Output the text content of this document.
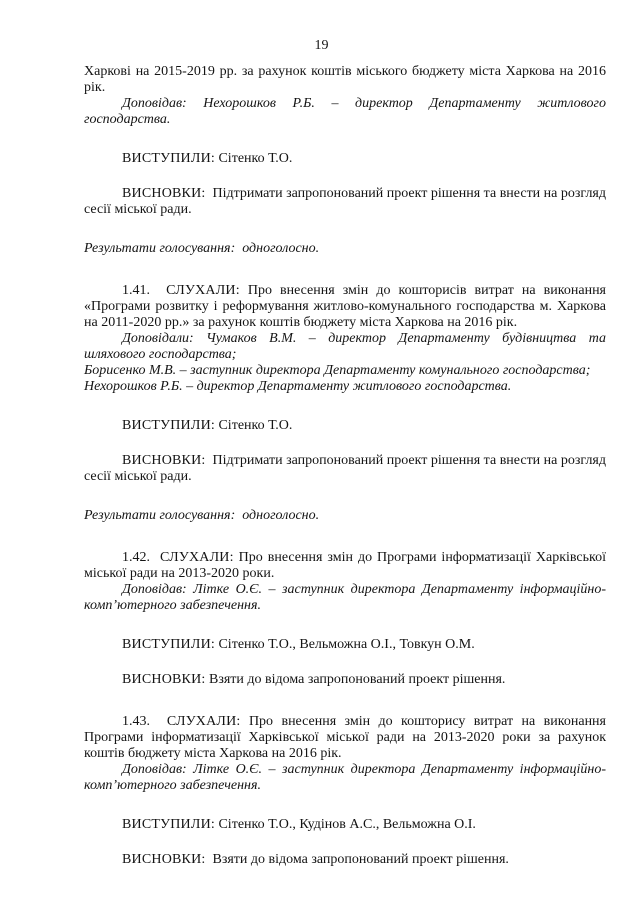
19

Харкові на 2015-2019 рр. за рахунок коштів міського бюджету міста Харкова на 2016 рік.

Доповідав: Нехорошков Р.Б. – директор Департаменту житлового господарства.

ВИСТУПИЛИ: Сітенко Т.О.

ВИСНОВКИ: Підтримати запропонований проект рішення та внести на розгляд сесії міської ради.

Результати голосування: одноголосно.

1.41. СЛУХАЛИ: Про внесення змін до кошторисів витрат на виконання «Програми розвитку і реформування житлово-комунального господарства м. Харкова на 2011-2020 рр.» за рахунок коштів бюджету міста Харкова на 2016 рік.

Доповідали: Чумаков В.М. – директор Департаменту будівництва та шляхового господарства;

Борисенко М.В. – заступник директора Департаменту комунального господарства;

Нехорошков Р.Б. – директор Департаменту житлового господарства.

ВИСТУПИЛИ: Сітенко Т.О.

ВИСНОВКИ: Підтримати запропонований проект рішення та внести на розгляд сесії міської ради.

Результати голосування: одноголосно.

1.42. СЛУХАЛИ: Про внесення змін до Програми інформатизації Харківської міської ради на 2013-2020 роки.

Доповідав: Літке О.Є. – заступник директора Департаменту інформаційно-комп’ютерного забезпечення.

ВИСТУПИЛИ: Сітенко Т.О., Вельможна О.І., Товкун О.М.

ВИСНОВКИ: Взяти до відома запропонований проект рішення.

1.43. СЛУХАЛИ: Про внесення змін до кошторису витрат на виконання Програми інформатизації Харківської міської ради на 2013-2020 роки за рахунок коштів бюджету міста Харкова на 2016 рік.

Доповідав: Літке О.Є. – заступник директора Департаменту інформаційно-комп’ютерного забезпечення.

ВИСТУПИЛИ: Сітенко Т.О., Кудінов А.С., Вельможна О.І.

ВИСНОВКИ: Взяти до відома запропонований проект рішення.
